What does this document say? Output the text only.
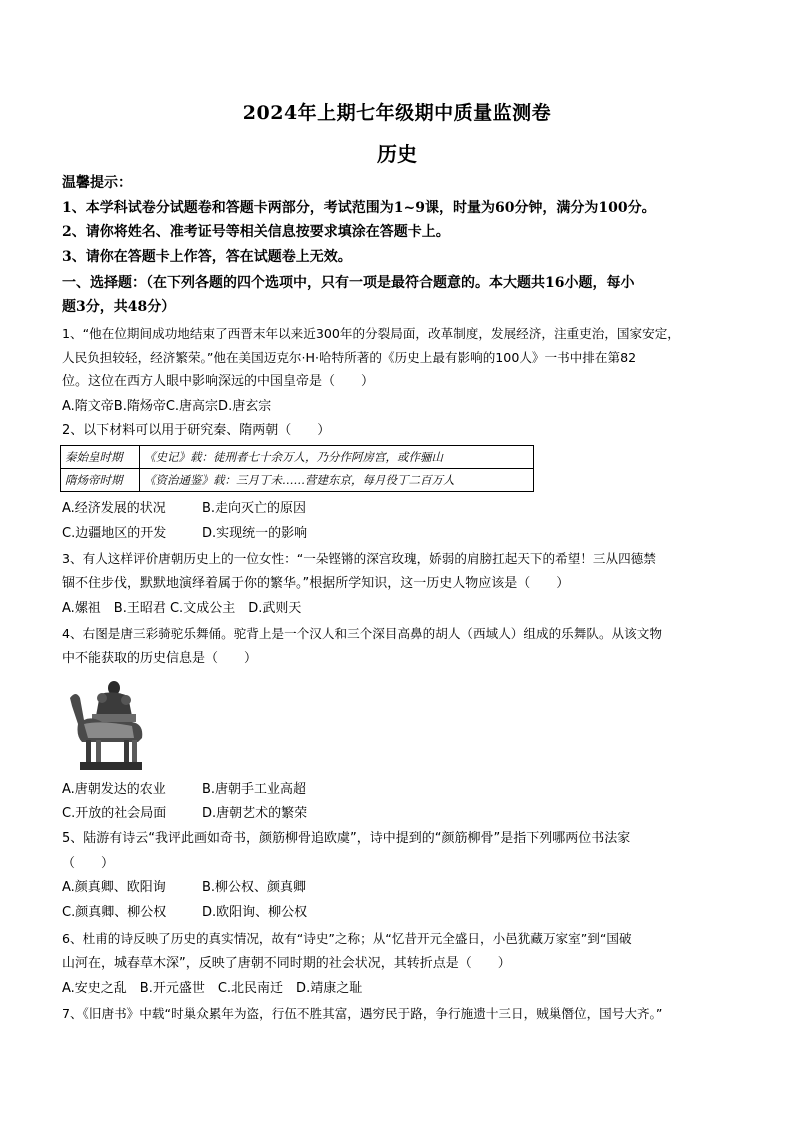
2024年上期七年级期中质量监测卷
历史
温馨提示：
1、本学科试卷分试题卷和答题卡两部分，考试范围为1~9课，时量为60分钟，满分为100分。
2、请你将姓名、准考证号等相关信息按要求填涂在答题卡上。
3、请你在答题卡上作答，答在试题卷上无效。
一、选择题：（在下列各题的四个选项中，只有一项是最符合题意的。本大题共16小题，每小
题3分，共48分）
1、“他在位期间成功地结束了西晋末年以来近300年的分裂局面，改革制度，发展经济，注重吏治，国家安定，
人民负担较轻，经济繁荣。”他在美国迈克尔·H·哈特所著的《历史上最有影响的100人》一书中排在第82
位。这位在西方人眼中影响深远的中国皇帝是（　　）
A.隋文帝B.隋炀帝C.唐高宗D.唐玄宗
2、以下材料可以用于研究秦、隋两朝（　　）
秦始皇时期	《史记》载：徒刑者七十余万人，乃分作阿房宫，或作骊山
隋炀帝时期	《资治通鉴》载：三月丁未……营建东京，每月役丁二百万人
A.经济发展的状况	B.走向灭亡的原因
C.边疆地区的开发	D.实现统一的影响
3、有人这样评价唐朝历史上的一位女性：“一朵铿锵的深宫玫瑰，娇弱的肩膀扛起天下的希望！三从四德禁
锢不住步伐，默默地演绎着属于你的繁华。”根据所学知识，这一历史人物应该是（　　）
A.嫘祖　B.王昭君 C.文成公主　D.武则天
4、右图是唐三彩骑驼乐舞俑。驼背上是一个汉人和三个深目高鼻的胡人（西域人）组成的乐舞队。从该文物
中不能获取的历史信息是（　　）
A.唐朝发达的农业	B.唐朝手工业高超
C.开放的社会局面	D.唐朝艺术的繁荣
5、陆游有诗云“我评此画如奇书，颜筋柳骨追欧虞”，诗中提到的“颜筋柳骨”是指下列哪两位书法家
（　　）
A.颜真卿、欧阳询	B.柳公权、颜真卿
C.颜真卿、柳公权	D.欧阳询、柳公权
6、杜甫的诗反映了历史的真实情况，故有“诗史”之称；从“忆昔开元全盛日，小邑犹藏万家室”到“国破
山河在，城春草木深”，反映了唐朝不同时期的社会状况，其转折点是（　　）
A.安史之乱　B.开元盛世　C.北民南迁　D.靖康之耻
7、《旧唐书》中载“时巢众累年为盗，行伍不胜其富，遇穷民于路，争行施遗十三日，贼巢僭位，国号大齐。”
